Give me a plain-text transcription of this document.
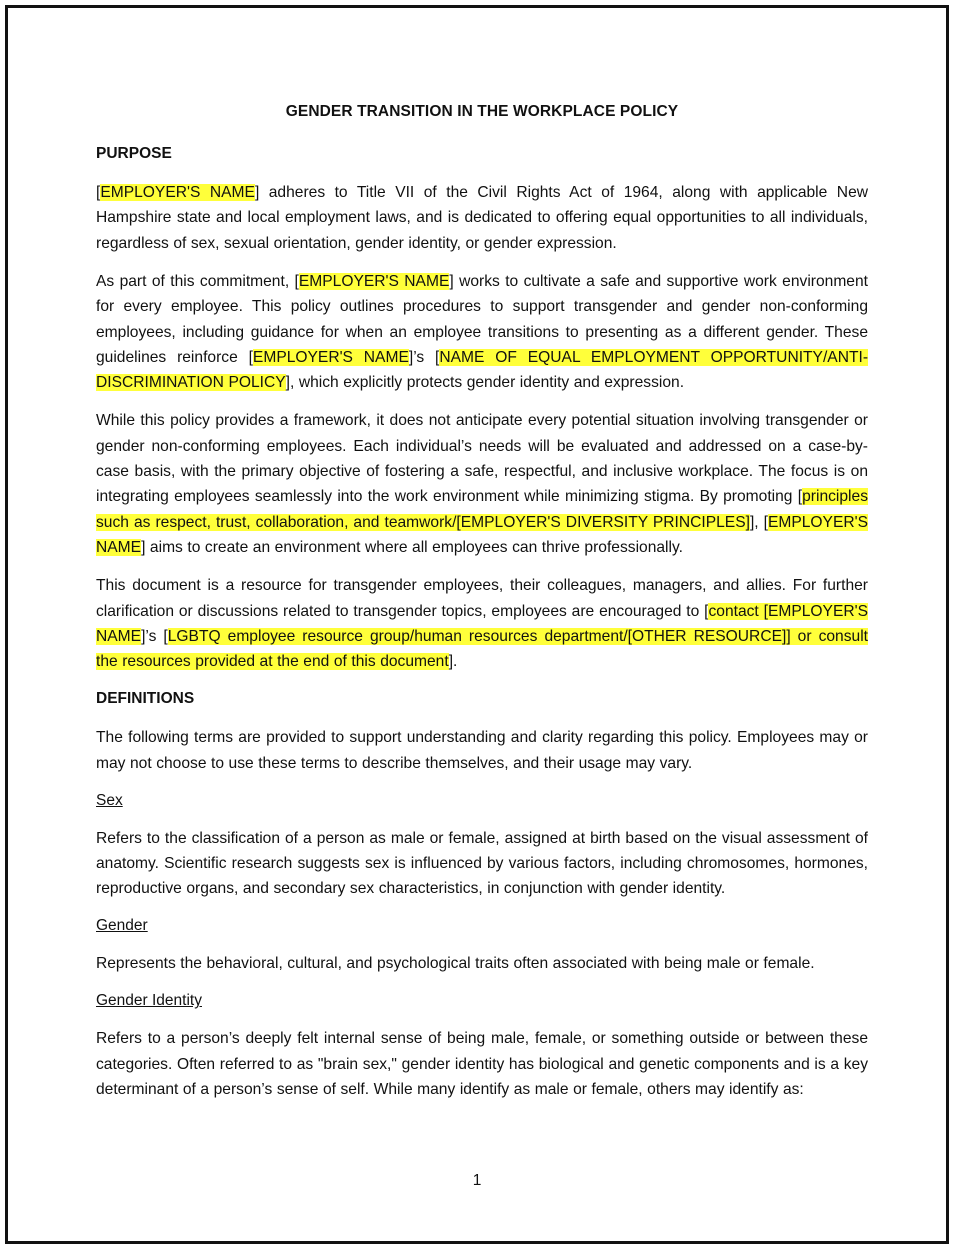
GENDER TRANSITION IN THE WORKPLACE POLICY
PURPOSE

[EMPLOYER'S NAME] adheres to Title VII of the Civil Rights Act of 1964, along with applicable New Hampshire state and local employment laws, and is dedicated to offering equal opportunities to all individuals, regardless of sex, sexual orientation, gender identity, or gender expression.

As part of this commitment, [EMPLOYER'S NAME] works to cultivate a safe and supportive work environment for every employee. This policy outlines procedures to support transgender and gender non-conforming employees, including guidance for when an employee transitions to presenting as a different gender. These guidelines reinforce [EMPLOYER'S NAME]’s [NAME OF EQUAL EMPLOYMENT OPPORTUNITY/ANTI-DISCRIMINATION POLICY], which explicitly protects gender identity and expression.

While this policy provides a framework, it does not anticipate every potential situation involving transgender or gender non-conforming employees. Each individual’s needs will be evaluated and addressed on a case-by-case basis, with the primary objective of fostering a safe, respectful, and inclusive workplace. The focus is on integrating employees seamlessly into the work environment while minimizing stigma. By promoting [principles such as respect, trust, collaboration, and teamwork/[EMPLOYER'S DIVERSITY PRINCIPLES]], [EMPLOYER'S NAME] aims to create an environment where all employees can thrive professionally.

This document is a resource for transgender employees, their colleagues, managers, and allies. For further clarification or discussions related to transgender topics, employees are encouraged to [contact [EMPLOYER'S NAME]’s [LGBTQ employee resource group/human resources department/[OTHER RESOURCE]] or consult the resources provided at the end of this document].

DEFINITIONS

The following terms are provided to support understanding and clarity regarding this policy. Employees may or may not choose to use these terms to describe themselves, and their usage may vary.

Sex

Refers to the classification of a person as male or female, assigned at birth based on the visual assessment of anatomy. Scientific research suggests sex is influenced by various factors, including chromosomes, hormones, reproductive organs, and secondary sex characteristics, in conjunction with gender identity.

Gender

Represents the behavioral, cultural, and psychological traits often associated with being male or female.

Gender Identity

Refers to a person’s deeply felt internal sense of being male, female, or something outside or between these categories. Often referred to as "brain sex," gender identity has biological and genetic components and is a key determinant of a person’s sense of self. While many identify as male or female, others may identify as:

1
